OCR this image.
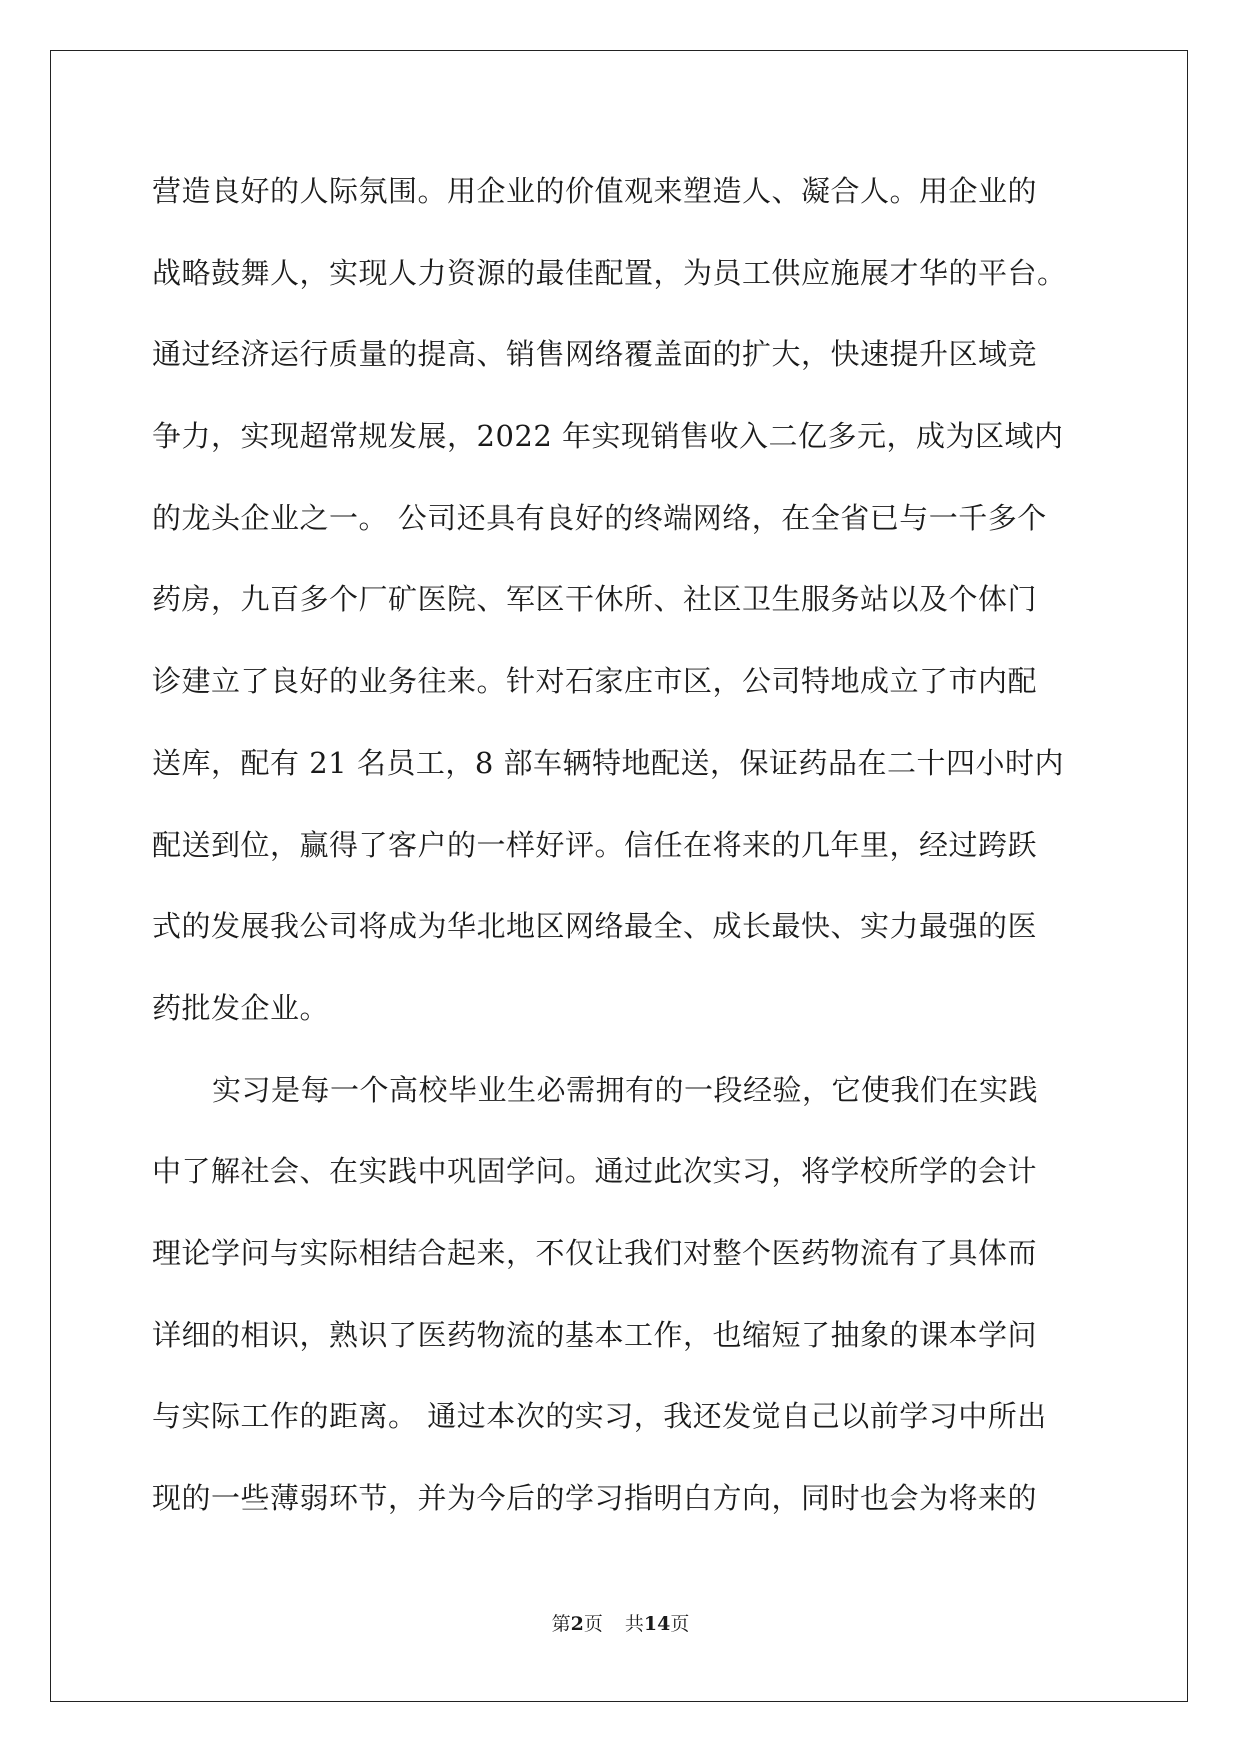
营造良好的人际氛围。用企业的价值观来塑造人、凝合人。用企业的
战略鼓舞人，实现人力资源的最佳配置，为员工供应施展才华的平台。
通过经济运行质量的提高、销售网络覆盖面的扩大，快速提升区域竞
争力，实现超常规发展，2022 年实现销售收入二亿多元，成为区域内
的龙头企业之一。 公司还具有良好的终端网络，在全省已与一千多个
药房，九百多个厂矿医院、军区干休所、社区卫生服务站以及个体门
诊建立了良好的业务往来。针对石家庄市区，公司特地成立了市内配
送库，配有 21 名员工，8 部车辆特地配送，保证药品在二十四小时内
配送到位，赢得了客户的一样好评。信任在将来的几年里，经过跨跃
式的发展我公司将成为华北地区网络最全、成长最快、实力最强的医
药批发企业。
实习是每一个高校毕业生必需拥有的一段经验，它使我们在实践
中了解社会、在实践中巩固学问。通过此次实习，将学校所学的会计
理论学问与实际相结合起来，不仅让我们对整个医药物流有了具体而
详细的相识，熟识了医药物流的基本工作，也缩短了抽象的课本学问
与实际工作的距离。 通过本次的实习，我还发觉自己以前学习中所出
现的一些薄弱环节，并为今后的学习指明白方向，同时也会为将来的
第2页 共14页
